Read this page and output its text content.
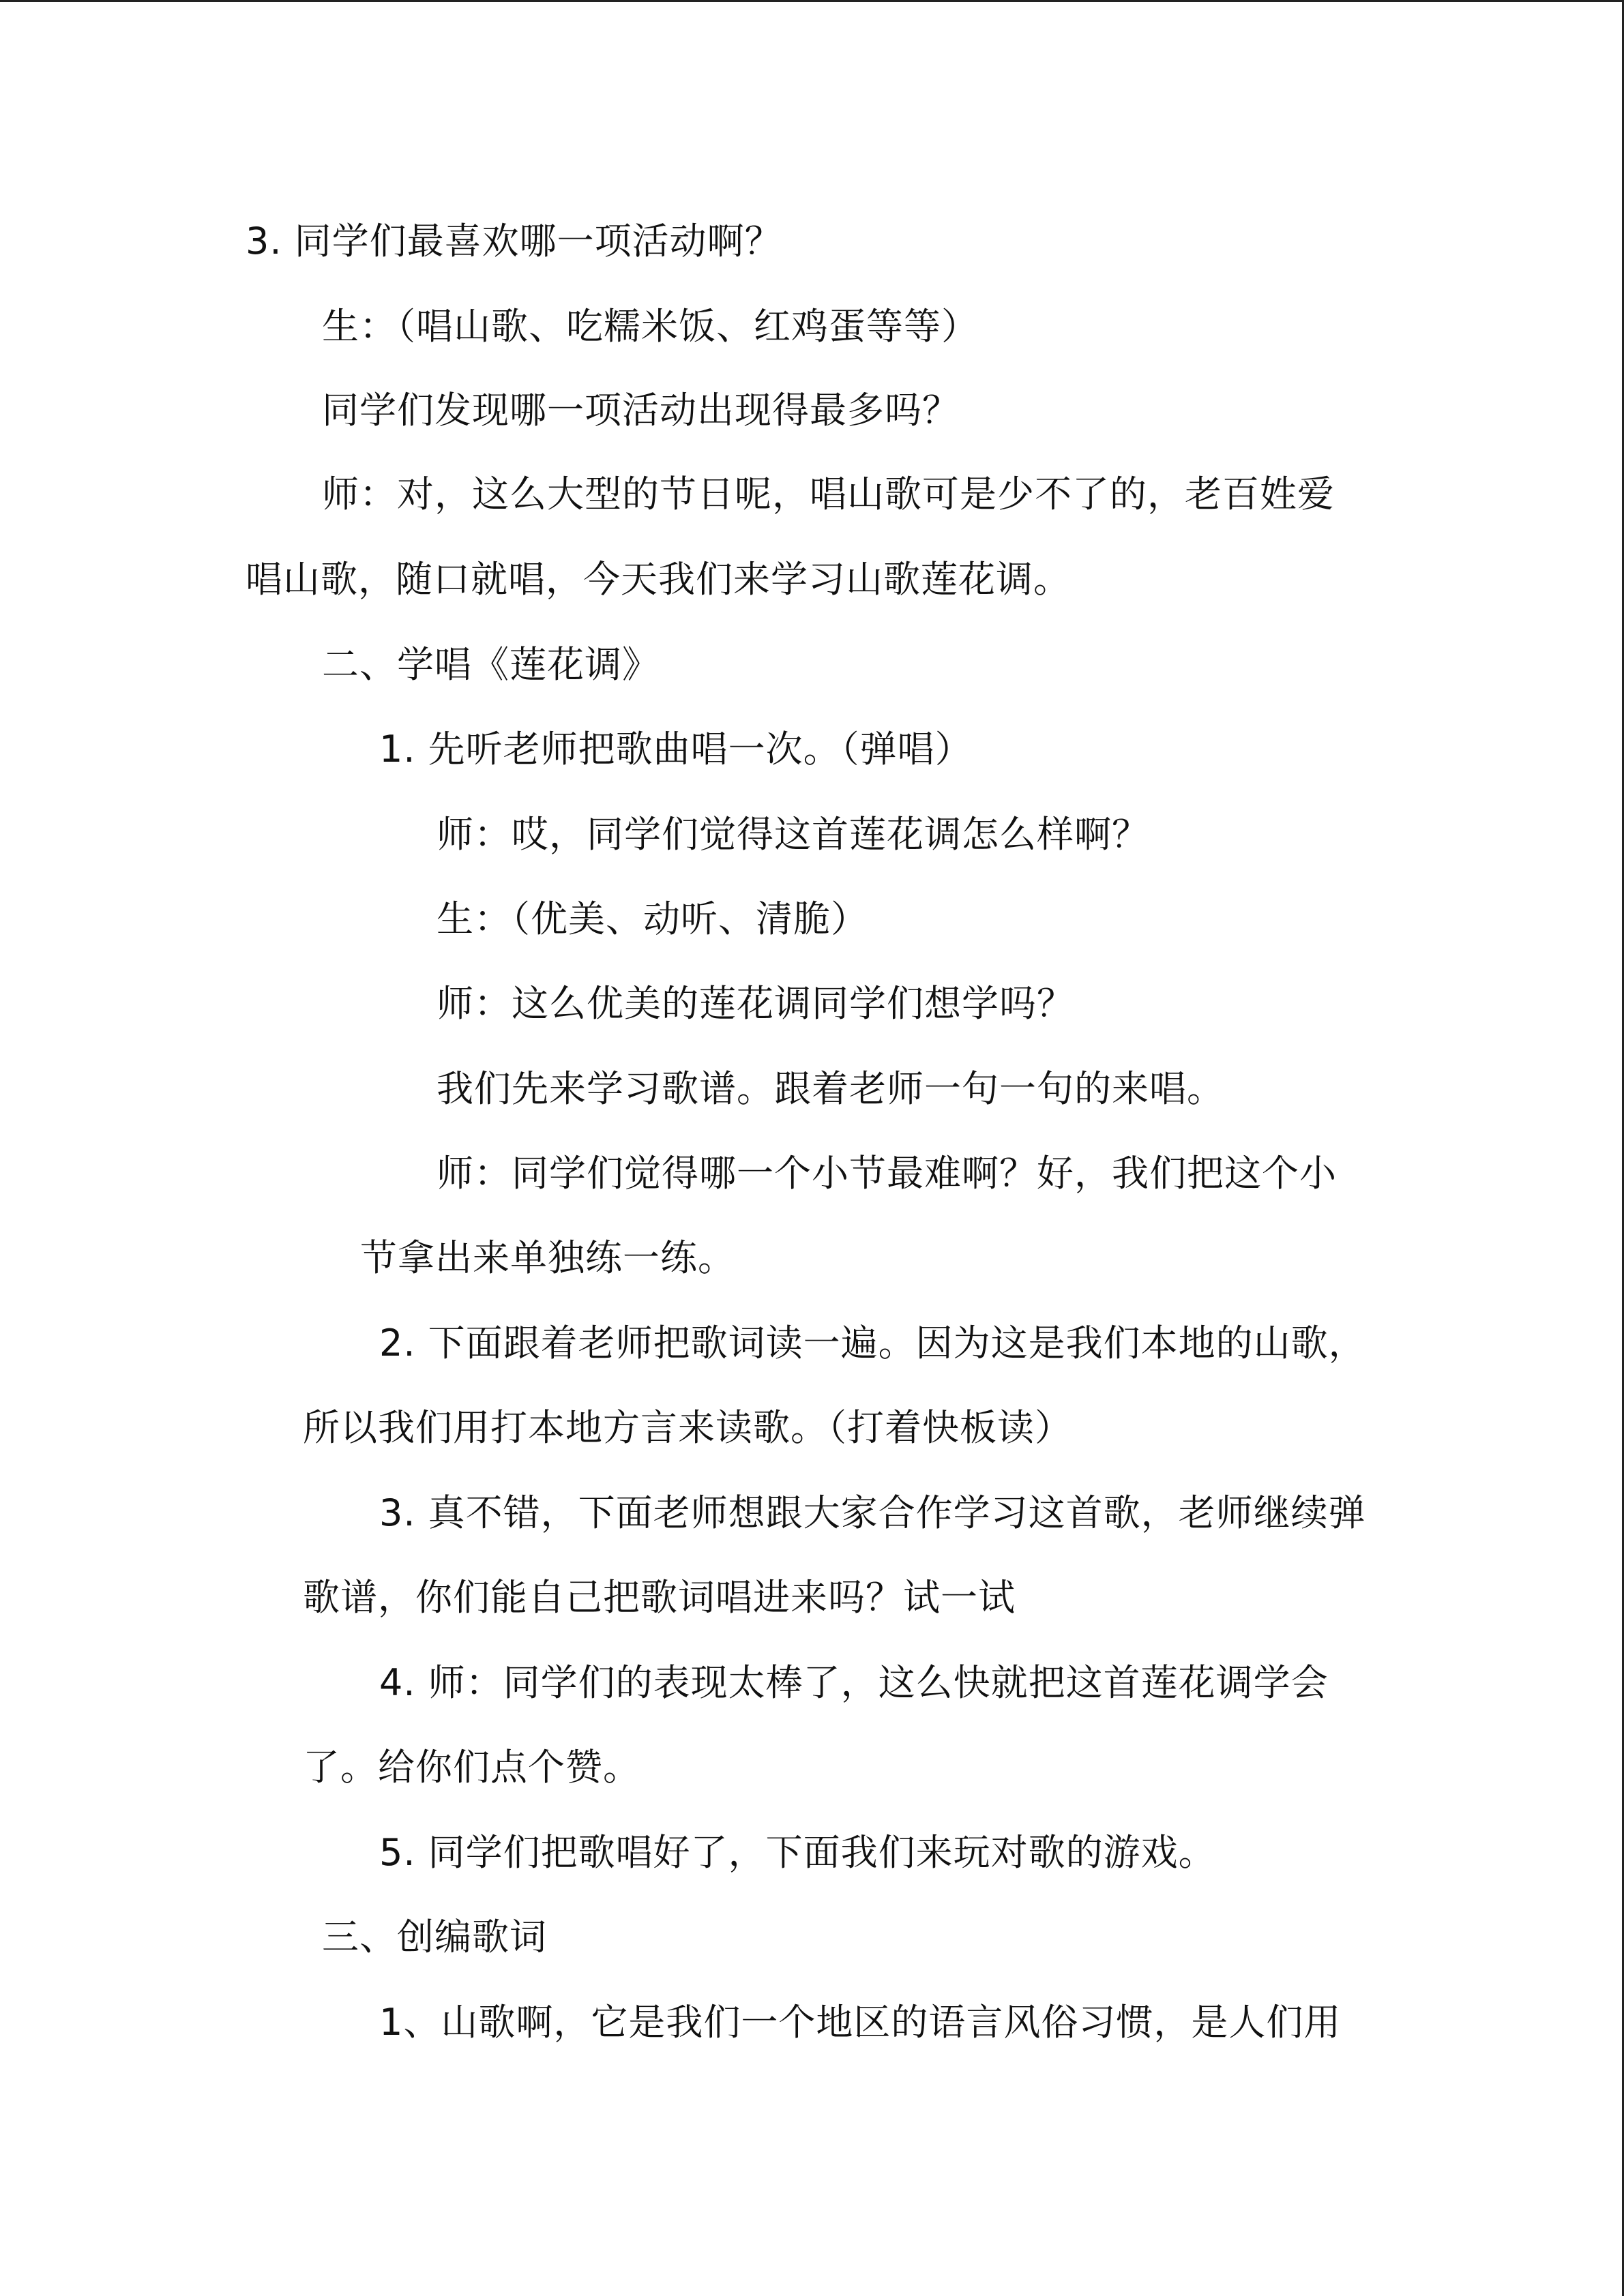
3. 同学们最喜欢哪一项活动啊？
生：（唱山歌、吃糯米饭、红鸡蛋等等）
同学们发现哪一项活动出现得最多吗？
师：对，这么大型的节日呢，唱山歌可是少不了的，老百姓爱
唱山歌，随口就唱，今天我们来学习山歌莲花调。
二、学唱《莲花调》
1. 先听老师把歌曲唱一次。（弹唱）
师：哎，同学们觉得这首莲花调怎么样啊？
生：（优美、动听、清脆）
师：这么优美的莲花调同学们想学吗？
我们先来学习歌谱。跟着老师一句一句的来唱。
师：同学们觉得哪一个小节最难啊？好，我们把这个小
节拿出来单独练一练。
2. 下面跟着老师把歌词读一遍。因为这是我们本地的山歌，
所以我们用打本地方言来读歌。（打着快板读）
3. 真不错，下面老师想跟大家合作学习这首歌，老师继续弹
歌谱，你们能自己把歌词唱进来吗？试一试
4. 师：同学们的表现太棒了，这么快就把这首莲花调学会
了。给你们点个赞。
5. 同学们把歌唱好了，下面我们来玩对歌的游戏。
三、创编歌词
1、山歌啊，它是我们一个地区的语言风俗习惯，是人们用
